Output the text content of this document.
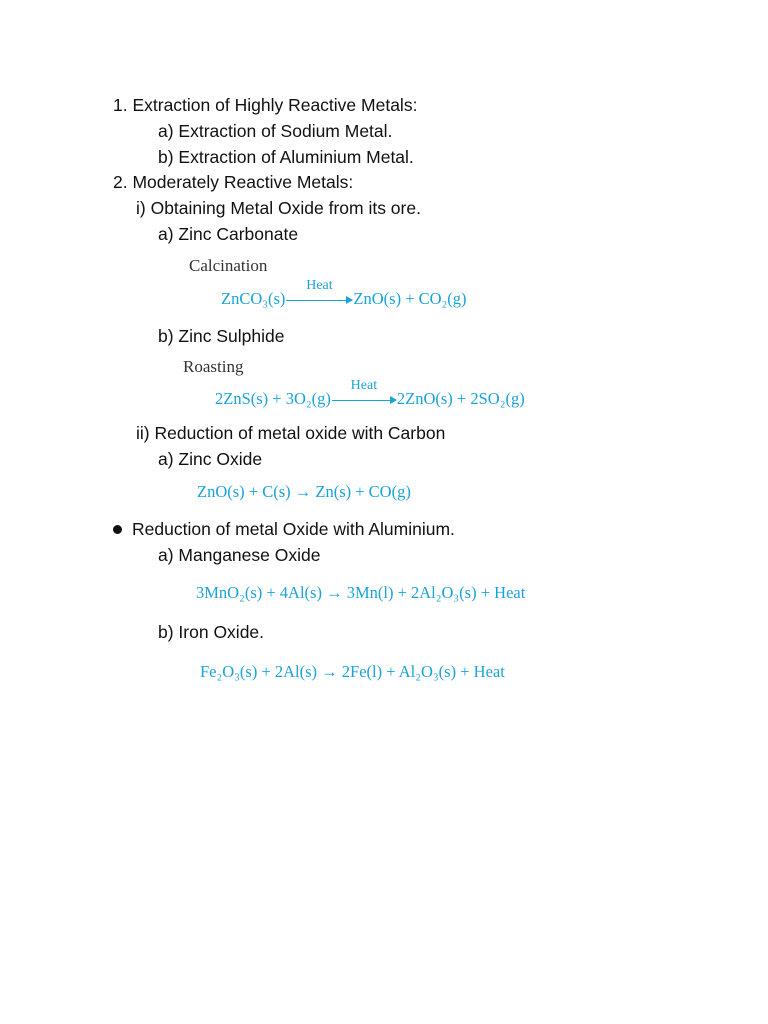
1. Extraction of Highly Reactive Metals:
a) Extraction of Sodium Metal.
b) Extraction of Aluminium Metal.
2. Moderately Reactive Metals:
i) Obtaining Metal Oxide from its ore.
a) Zinc Carbonate
Calcination
ZnCO₃(s)
Heat
ZnO(s) + CO₂(g)
b) Zinc Sulphide
Roasting
2ZnS(s) + 3O₂(g)
Heat
2ZnO(s) + 2SO₂(g)
ii) Reduction of metal oxide with Carbon
a) Zinc Oxide
ZnO(s) + C(s) → Zn(s) + CO(g)
Reduction of metal Oxide with Aluminium.
a) Manganese Oxide
3MnO₂(s) + 4Al(s) → 3Mn(l) + 2Al₂O₃(s) + Heat
b) Iron Oxide.
Fe₂O₃(s) + 2Al(s) → 2Fe(l) + Al₂O₃(s) + Heat
